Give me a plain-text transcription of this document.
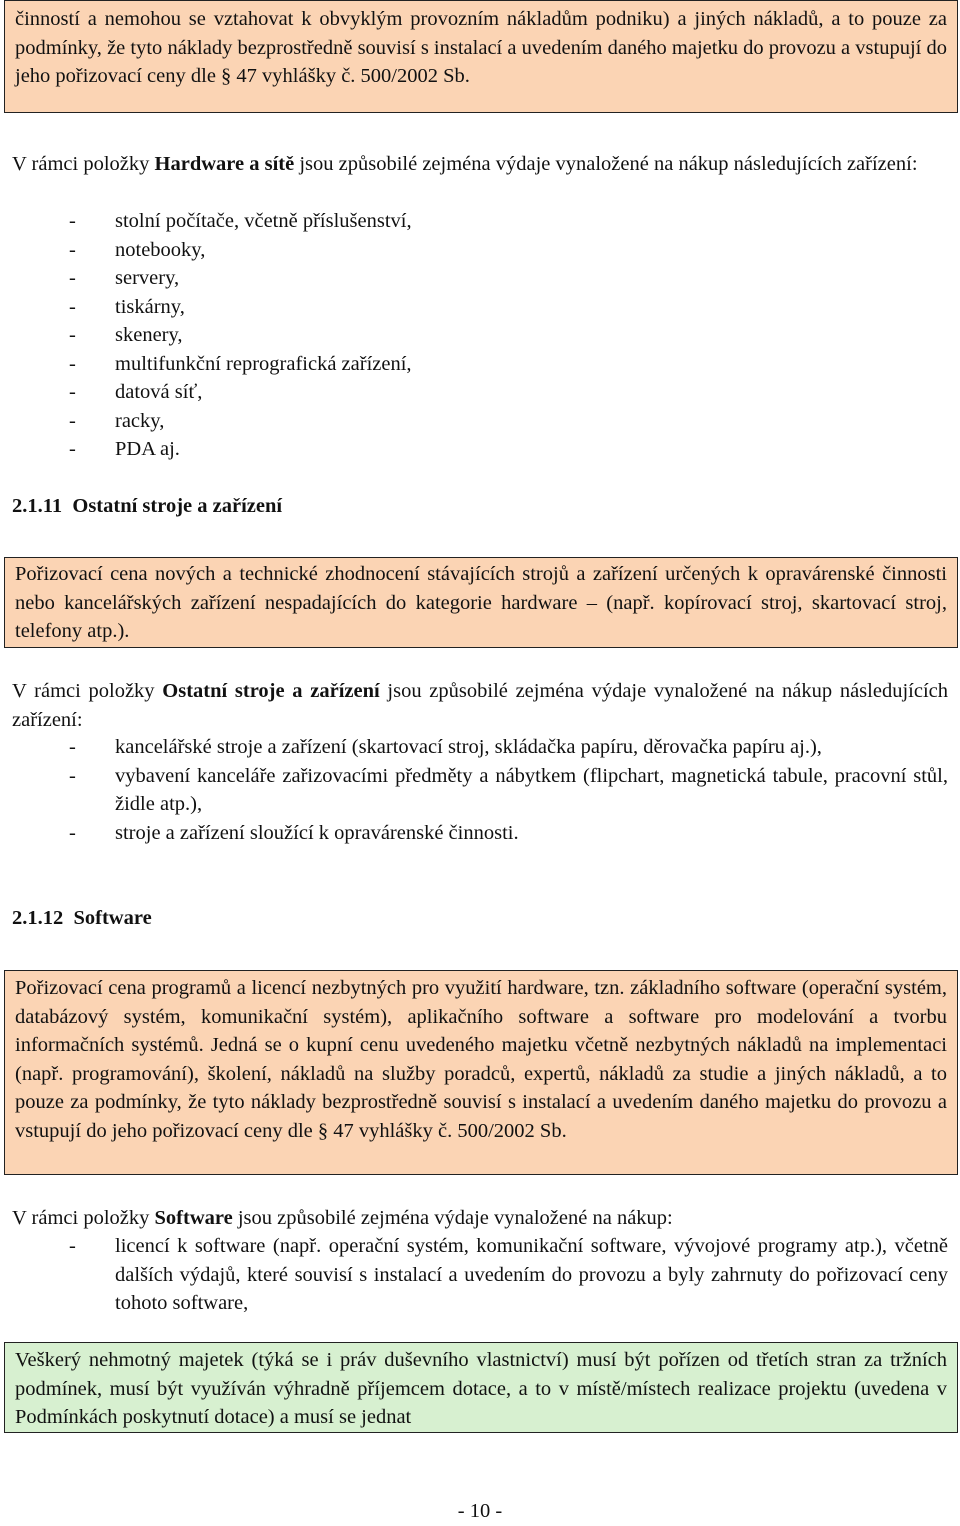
činností a nemohou se vztahovat k obvyklým provozním nákladům podniku) a jiných nákladů, a to pouze za podmínky, že tyto náklady bezprostředně souvisí s instalací a uvedením daného majetku do provozu a vstupují do jeho pořizovací ceny dle § 47 vyhlášky č. 500/2002 Sb.
V rámci položky Hardware a sítě jsou způsobilé zejména výdaje vynaložené na nákup následujících zařízení:
- stolní počítače, včetně příslušenství,
- notebooky,
- servery,
- tiskárny,
- skenery,
- multifunkční reprografická zařízení,
- datová síť,
- racky,
- PDA aj.
2.1.11  Ostatní stroje a zařízení
Pořizovací cena nových a technické zhodnocení stávajících strojů a zařízení určených k opravárenské činnosti nebo kancelářských zařízení nespadajících do kategorie hardware – (např. kopírovací stroj, skartovací stroj, telefony atp.).
V rámci položky Ostatní stroje a zařízení jsou způsobilé zejména výdaje vynaložené na nákup následujících zařízení:
- kancelářské stroje a zařízení (skartovací stroj, skládačka papíru, děrovačka papíru aj.),
- vybavení kanceláře zařizovacími předměty a nábytkem (flipchart, magnetická tabule, pracovní stůl, židle atp.),
- stroje a zařízení sloužící k opravárenské činnosti.
2.1.12  Software
Pořizovací cena programů a licencí nezbytných pro využití hardware, tzn. základního software (operační systém, databázový systém, komunikační systém), aplikačního software a software pro modelování a tvorbu informačních systémů. Jedná se o kupní cenu uvedeného majetku včetně nezbytných nákladů na implementaci (např. programování), školení, nákladů na služby poradců, expertů, nákladů za studie a jiných nákladů, a to pouze za podmínky, že tyto náklady bezprostředně souvisí s instalací a uvedením daného majetku do provozu a vstupují do jeho pořizovací ceny dle § 47 vyhlášky č. 500/2002 Sb.
V rámci položky Software jsou způsobilé zejména výdaje vynaložené na nákup:
- licencí k software (např. operační systém, komunikační software, vývojové programy atp.), včetně dalších výdajů, které souvisí s instalací a uvedením do provozu a byly zahrnuty do pořizovací ceny tohoto software,
Veškerý nehmotný majetek (týká se i práv duševního vlastnictví) musí být pořízen od třetích stran za tržních podmínek, musí být využíván výhradně příjemcem dotace, a to v místě/místech realizace projektu (uvedena v Podmínkách poskytnutí dotace) a musí se jednat
- 10 -
